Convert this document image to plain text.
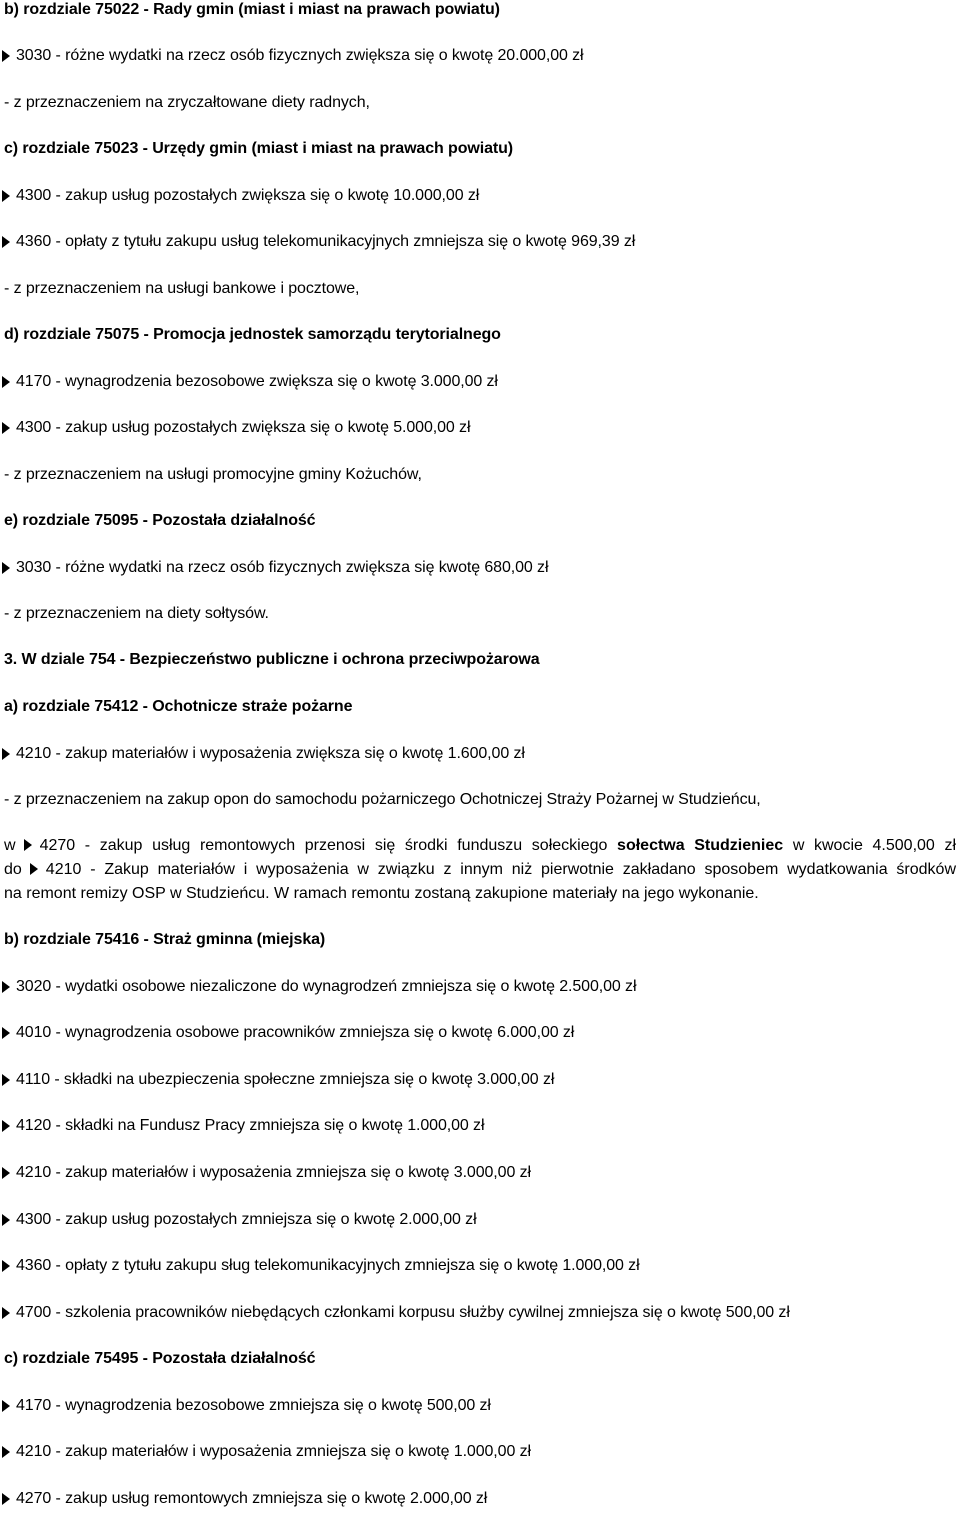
b) rozdziale 75022 - Rady gmin (miast i miast na prawach powiatu)
3030 - różne wydatki na rzecz osób fizycznych zwiększa się o kwotę 20.000,00 zł
- z przeznaczeniem na zryczałtowane diety radnych,
c) rozdziale 75023 - Urzędy gmin (miast i miast na prawach powiatu)
4300 - zakup usług pozostałych zwiększa się o kwotę 10.000,00 zł
4360 - opłaty z tytułu zakupu usług telekomunikacyjnych zmniejsza się o kwotę 969,39 zł
- z przeznaczeniem na usługi bankowe i pocztowe,
d) rozdziale 75075 - Promocja jednostek samorządu terytorialnego
4170 - wynagrodzenia bezosobowe zwiększa się o kwotę 3.000,00 zł
4300 - zakup usług pozostałych zwiększa się o kwotę 5.000,00 zł
- z przeznaczeniem na usługi promocyjne gminy Kożuchów,
e) rozdziale 75095 - Pozostała działalność
3030 - różne wydatki na rzecz osób fizycznych zwiększa się kwotę 680,00 zł
- z przeznaczeniem na diety sołtysów.
3. W dziale 754 - Bezpieczeństwo publiczne i ochrona przeciwpożarowa
a) rozdziale 75412 - Ochotnicze straże pożarne
4210 - zakup materiałów i wyposażenia zwiększa się o kwotę 1.600,00 zł
- z przeznaczeniem na zakup opon do samochodu pożarniczego Ochotniczej Straży Pożarnej w Studzieńcu,
w 4270 - zakup usług remontowych przenosi się środki funduszu sołeckiego sołectwa Studzieniec w kwocie 4.500,00 zł
do 4210 - Zakup materiałów i wyposażenia w związku z innym niż pierwotnie zakładano sposobem wydatkowania środków
na remont remizy OSP w Studzieńcu. W ramach remontu zostaną zakupione materiały na jego wykonanie.
b) rozdziale 75416 - Straż gminna (miejska)
3020 - wydatki osobowe niezaliczone do wynagrodzeń zmniejsza się o kwotę 2.500,00 zł
4010 - wynagrodzenia osobowe pracowników zmniejsza się o kwotę 6.000,00 zł
4110 - składki na ubezpieczenia społeczne zmniejsza się o kwotę 3.000,00 zł
4120 - składki na Fundusz Pracy zmniejsza się o kwotę 1.000,00 zł
4210 - zakup materiałów i wyposażenia zmniejsza się o kwotę 3.000,00 zł
4300 - zakup usług pozostałych zmniejsza się o kwotę 2.000,00 zł
4360 - opłaty z tytułu zakupu sług telekomunikacyjnych zmniejsza się o kwotę 1.000,00 zł
4700 - szkolenia pracowników niebędących członkami korpusu służby cywilnej zmniejsza się o kwotę 500,00 zł
c) rozdziale 75495 - Pozostała działalność
4170 - wynagrodzenia bezosobowe zmniejsza się o kwotę 500,00 zł
4210 - zakup materiałów i wyposażenia zmniejsza się o kwotę 1.000,00 zł
4270 - zakup usług remontowych zmniejsza się o kwotę 2.000,00 zł
